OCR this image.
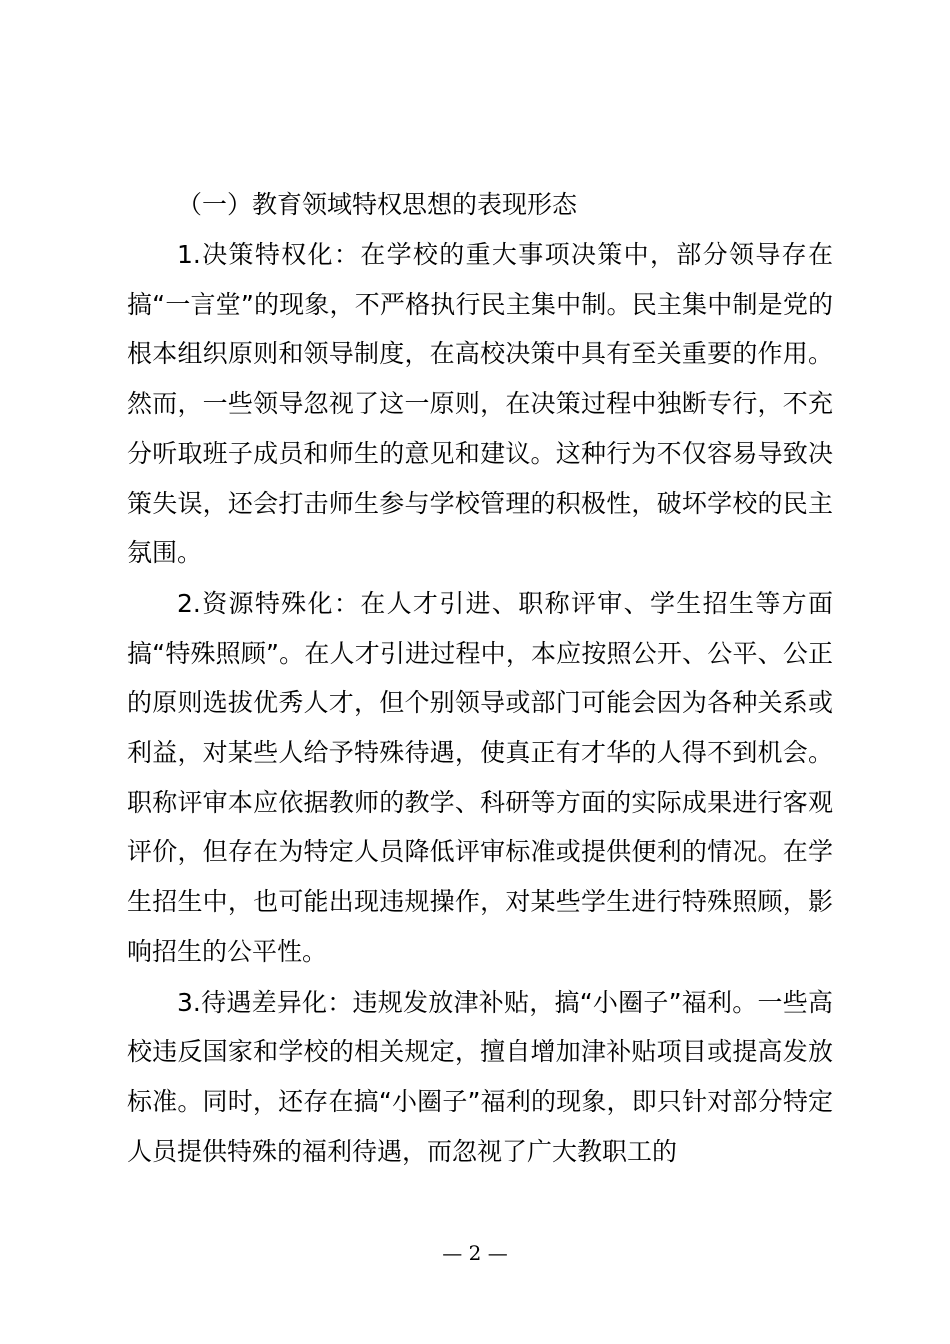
（一）教育领域特权思想的表现形态

1.决策特权化：在学校的重大事项决策中，部分领导存在搞“一言堂”的现象，不严格执行民主集中制。民主集中制是党的根本组织原则和领导制度，在高校决策中具有至关重要的作用。然而，一些领导忽视了这一原则，在决策过程中独断专行，不充分听取班子成员和师生的意见和建议。这种行为不仅容易导致决策失误，还会打击师生参与学校管理的积极性，破坏学校的民主氛围。

2.资源特殊化：在人才引进、职称评审、学生招生等方面搞“特殊照顾”。在人才引进过程中，本应按照公开、公平、公正的原则选拔优秀人才，但个别领导或部门可能会因为各种关系或利益，对某些人给予特殊待遇，使真正有才华的人得不到机会。职称评审本应依据教师的教学、科研等方面的实际成果进行客观评价，但存在为特定人员降低评审标准或提供便利的情况。在学生招生中，也可能出现违规操作，对某些学生进行特殊照顾，影响招生的公平性。

3.待遇差异化：违规发放津补贴，搞“小圈子”福利。一些高校违反国家和学校的相关规定，擅自增加津补贴项目或提高发放标准。同时，还存在搞“小圈子”福利的现象，即只针对部分特定人员提供特殊的福利待遇，而忽视了广大教职工的

— 2 —
